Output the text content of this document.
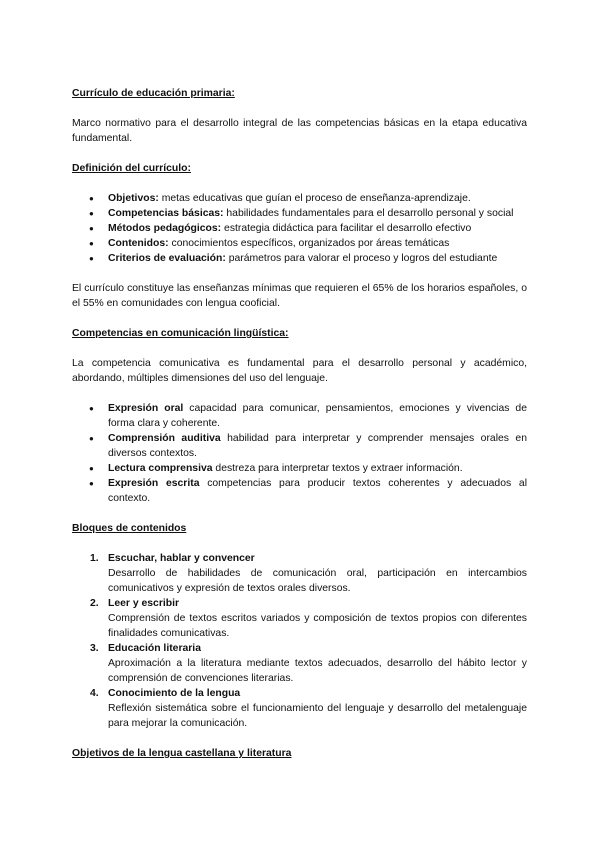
Currículo de educación primaria:

Marco normativo para el desarrollo integral de las competencias básicas en la etapa educativa fundamental.

Definición del currículo:
● Objetivos: metas educativas que guían el proceso de enseñanza-aprendizaje.
● Competencias básicas: habilidades fundamentales para el desarrollo personal y social
● Métodos pedagógicos: estrategia didáctica para facilitar el desarrollo efectivo
● Contenidos: conocimientos específicos, organizados por áreas temáticas
● Criterios de evaluación: parámetros para valorar el proceso y logros del estudiante

El currículo constituye las enseñanzas mínimas que requieren el 65% de los horarios españoles, o el 55% en comunidades con lengua cooficial.

Competencias en comunicación lingüística:

La competencia comunicativa es fundamental para el desarrollo personal y académico, abordando, múltiples dimensiones del uso del lenguaje.

● Expresión oral capacidad para comunicar, pensamientos, emociones y vivencias de forma clara y coherente.
● Comprensión auditiva habilidad para interpretar y comprender mensajes orales en diversos contextos.
● Lectura comprensiva destreza para interpretar textos y extraer información.
● Expresión escrita competencias para producir textos coherentes y adecuados al contexto.
Bloques de contenidos
1. Escuchar, hablar y convencer
Desarrollo de habilidades de comunicación oral, participación en intercambios comunicativos y expresión de textos orales diversos.
2. Leer y escribir
Comprensión de textos escritos variados y composición de textos propios con diferentes finalidades comunicativas.
3. Educación literaria
Aproximación a la literatura mediante textos adecuados, desarrollo del hábito lector y comprensión de convenciones literarias.
4. Conocimiento de la lengua
Reflexión sistemática sobre el funcionamiento del lenguaje y desarrollo del metalenguaje para mejorar la comunicación.
Objetivos de la lengua castellana y literatura
